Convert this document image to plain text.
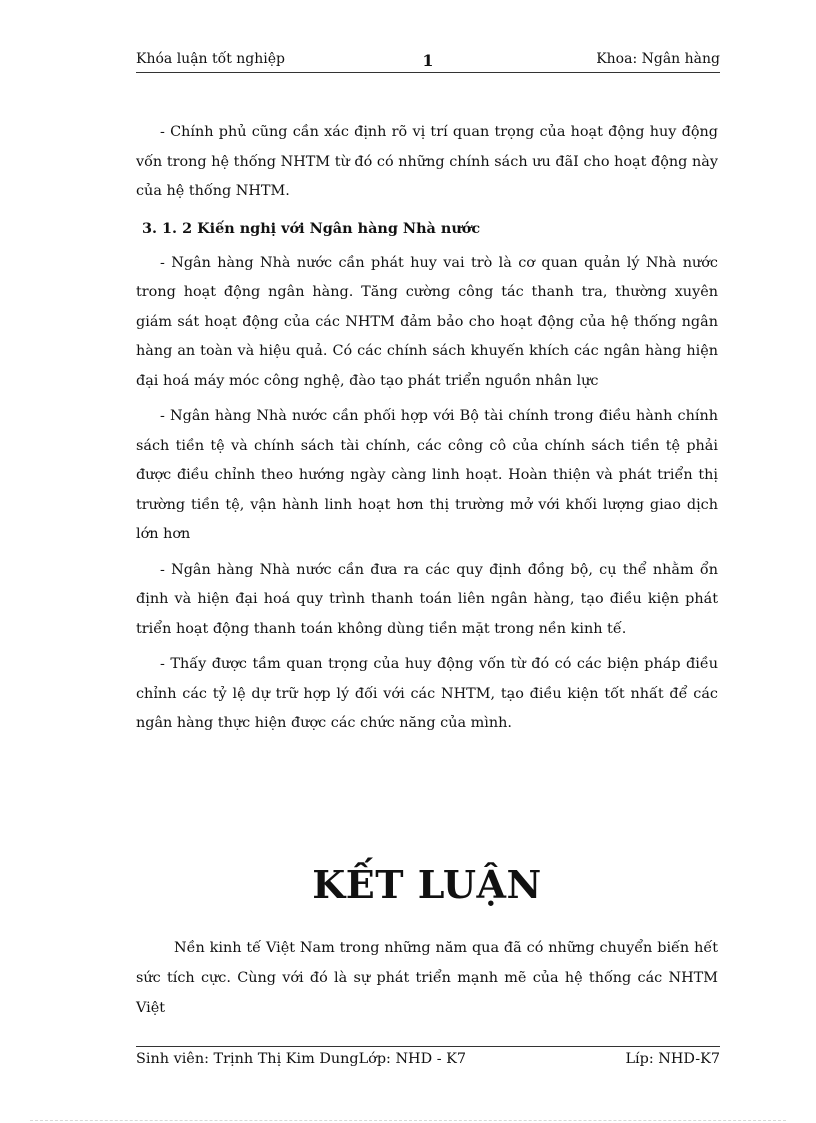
Khóa luận tốt nghiệp	1	Khoa: Ngân hàng

- Chính phủ cũng cần xác định rõ vị trí quan trọng của hoạt động huy động vốn trong hệ thống NHTM từ đó có những chính sách ưu đãI cho hoạt động này của hệ thống NHTM.

3. 1. 2 Kiến nghị với Ngân hàng Nhà nước

- Ngân hàng Nhà nước cần phát huy vai trò là cơ quan quản lý Nhà nước trong hoạt động ngân hàng. Tăng cường công tác thanh tra, thường xuyên giám sát hoạt động của các NHTM đảm bảo cho hoạt động của hệ thống ngân hàng an toàn và hiệu quả. Có các chính sách khuyến khích các ngân hàng hiện đại hoá máy móc công nghệ, đào tạo phát triển nguồn nhân lực

- Ngân hàng Nhà nước cần phối hợp với Bộ tài chính trong điều hành chính sách tiền tệ và chính sách tài chính, các công cô của chính sách tiền tệ phải được điều chỉnh theo hướng ngày càng linh hoạt. Hoàn thiện và phát triển thị trường tiền tệ, vận hành linh hoạt hơn thị trường mở với khối lượng giao dịch lớn hơn

- Ngân hàng Nhà nước cần đưa ra các quy định đồng bộ, cụ thể nhằm ổn định và hiện đại hoá quy trình thanh toán liên ngân hàng, tạo điều kiện phát triển hoạt động thanh toán không dùng tiền mặt trong nền kinh tế.

- Thấy được tầm quan trọng của huy động vốn từ đó có các biện pháp điều chỉnh các tỷ lệ dự trữ hợp lý đối với các NHTM, tạo điều kiện tốt nhất để các ngân hàng thực hiện được các chức năng của mình.

KẾT LUẬN

Nền kinh tế Việt Nam trong những năm qua đã có những chuyển biến hết sức tích cực. Cùng với đó là sự phát triển mạnh mẽ của hệ thống các NHTM Việt

Sinh viên: Trịnh Thị Kim DungLớp: NHD - K7	Líp: NHD-K7
